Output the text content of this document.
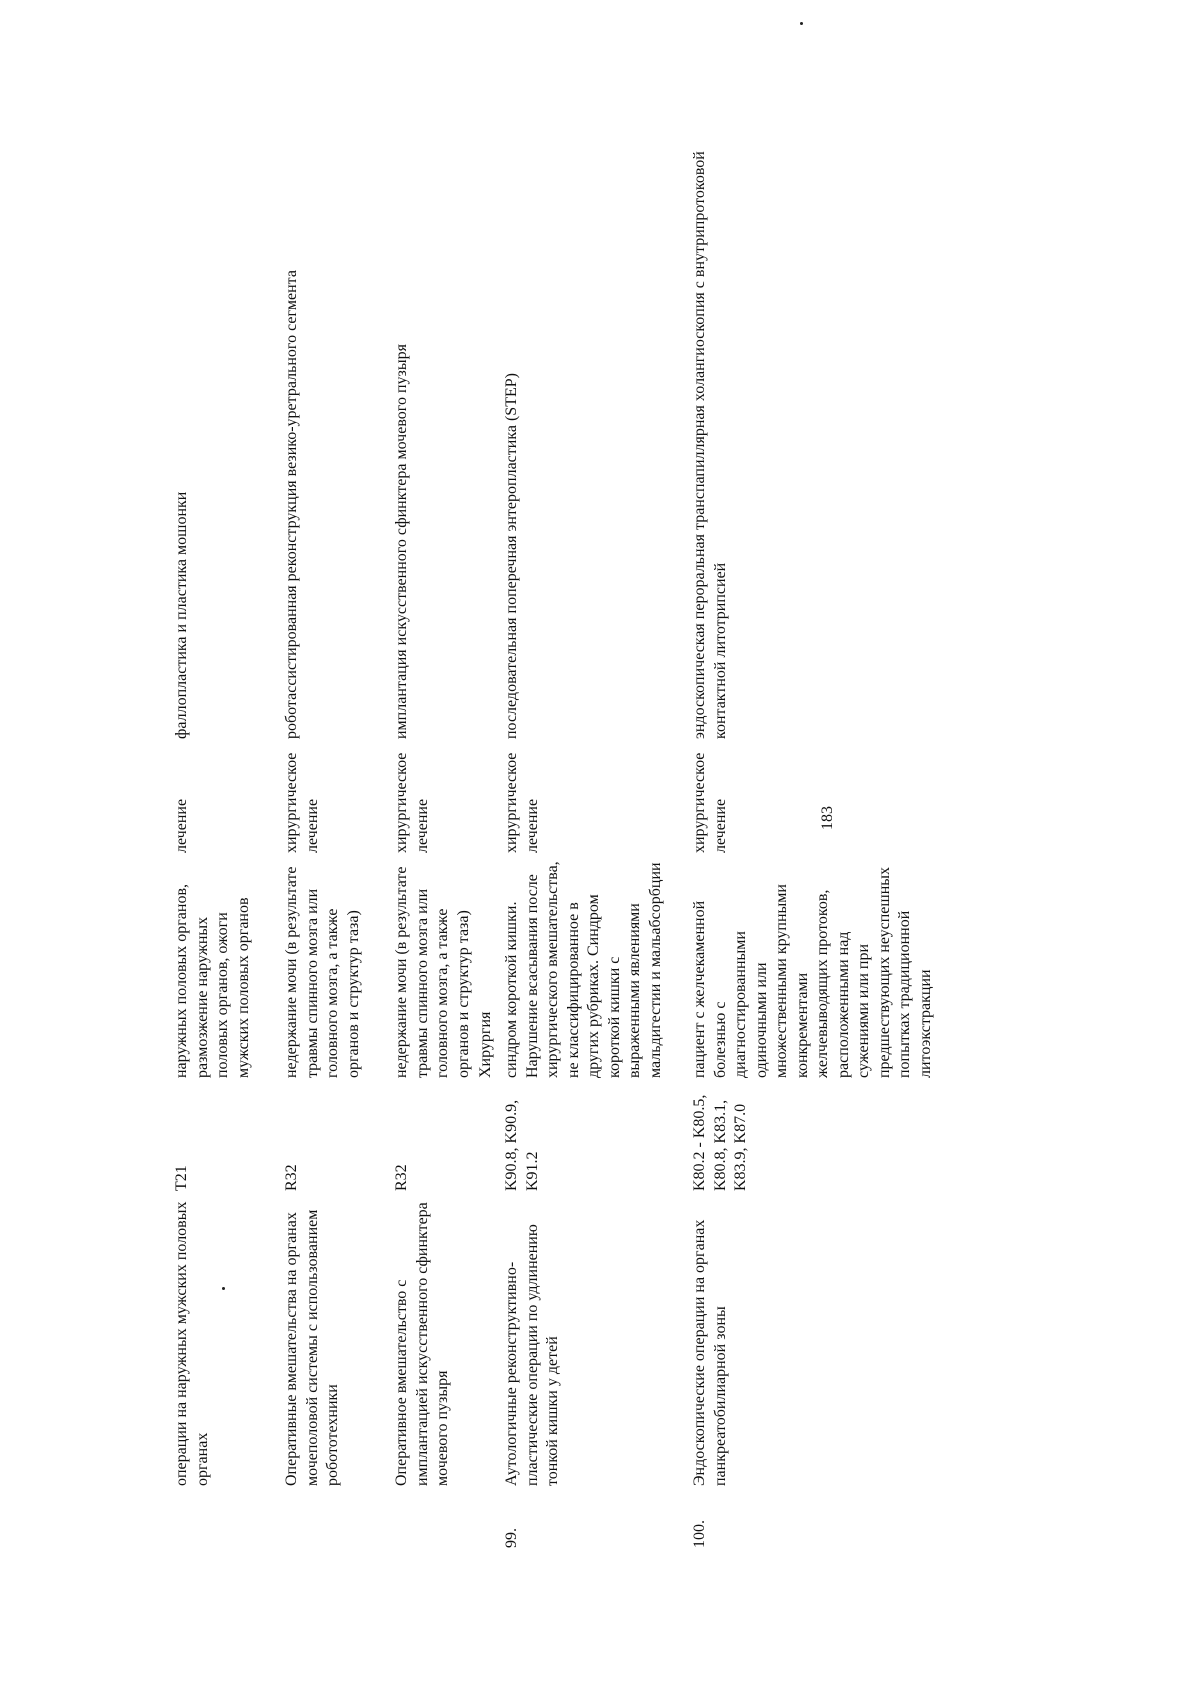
183
операции на наружных мужских половых органах
T21
наружных половых органов, размозжение наружных половых органов, ожоги мужских половых органов
лечение
фаллопластика и пластика мошонки
Оперативные вмешательства на органах мочеполовой системы с использованием робототехники
R32
недержание мочи (в результате травмы спинного мозга или головного мозга, а также органов и структур таза)
хирургическое лечение
роботассистированная реконструкция везико-уретрального сегмента
Оперативное вмешательство с имплантацией искусственного сфинктера мочевого пузыря
R32
недержание мочи (в результате травмы спинного мозга или головного мозга, а также органов и структур таза)
хирургическое лечение
имплантация искусственного сфинктера мочевого пузыря
Хирургия
99.
Аутологичные реконструктивно-пластические операции по удлинению тонкой кишки у детей
K90.8, K90.9, K91.2
синдром короткой кишки. Нарушение всасывания после хирургического вмешательства, не классифицированное в других рубриках. Синдром короткой кишки с выраженными явлениями мальдигестии и мальабсорбции
хирургическое лечение
последовательная поперечная энтеропластика (STEP)
100.
Эндоскопические операции на органах панкреатобилиарной зоны
K80.2 - K80.5, K80.8, K83.1, K83.9, K87.0
пациент с желчекаменной болезнью с диагностированными одиночными или множественными крупными конкрементами желчевыводящих протоков, расположенными над сужениями или при предшествующих неуспешных попытках традиционной литоэкстракции
хирургическое лечение
эндоскопическая пероральная транспапиллярная холангиоскопия с внутрипротоковой контактной литотрипсией
